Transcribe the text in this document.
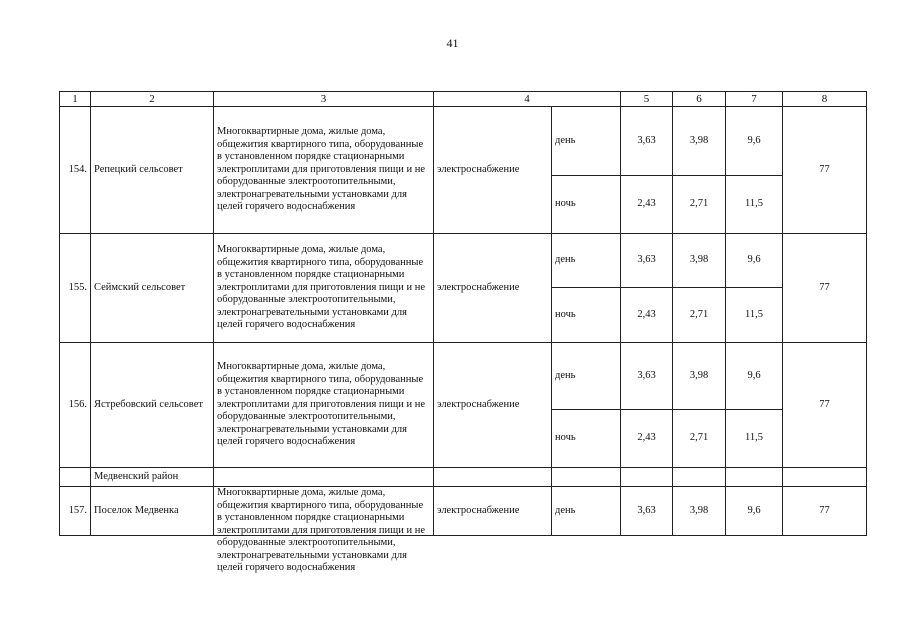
41
1	2	3	4		5	6	7	8
154.	Репецкий сельсовет	Многоквартирные дома, жилые дома, общежития квартирного типа, оборудованные в установленном порядке стационарными электроплитами для приготовления пищи и не оборудованные электроотопительными, электронагревательными установками для целей горячего водоснабжения	электроснабжение	день	3,63	3,98	9,6	77
				ночь	2,43	2,71	11,5	
155.	Сеймский сельсовет	Многоквартирные дома, жилые дома, общежития квартирного типа, оборудованные в установленном порядке стационарными электроплитами для приготовления пищи и не оборудованные электроотопительными, электронагревательными установками для целей горячего водоснабжения	электроснабжение	день	3,63	3,98	9,6	77
				ночь	2,43	2,71	11,5	
156.	Ястребовский сельсовет	Многоквартирные дома, жилые дома, общежития квартирного типа, оборудованные в установленном порядке стационарными электроплитами для приготовления пищи и не оборудованные электроотопительными, электронагревательными установками для целей горячего водоснабжения	электроснабжение	день	3,63	3,98	9,6	77
				ночь	2,43	2,71	11,5	
	Медвенский район							
157.	Поселок Медвенка	Многоквартирные дома, жилые дома, общежития квартирного типа, оборудованные в установленном порядке стационарными электроплитами для приготовления пищи и не оборудованные электроотопительными, электронагревательными установками для целей горячего водоснабжения	электроснабжение	день	3,63	3,98	9,6	77
